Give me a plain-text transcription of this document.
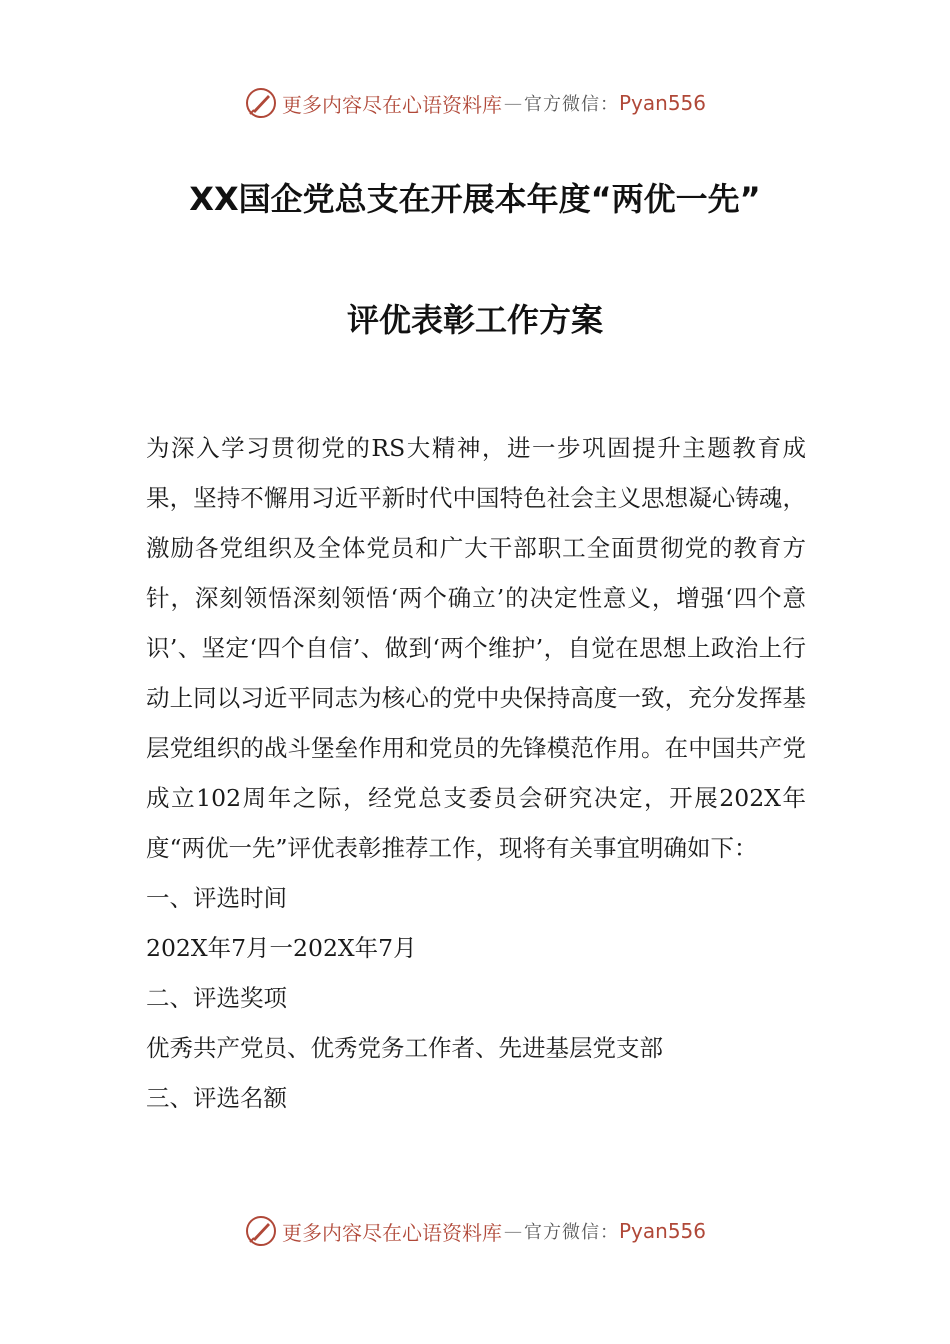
更多内容尽在心语资料库 — 官方微信： Pyan556
XX国企党总支在开展本年度“两优一先”
评优表彰工作方案
为深入学习贯彻党的RS大精神，进一步巩固提升主题教育成果，坚持不懈用习近平新时代中国特色社会主义思想凝心铸魂，激励各党组织及全体党员和广大干部职工全面贯彻党的教育方针，深刻领悟深刻领悟‘两个确立’的决定性意义，增强‘四个意识’、坚定‘四个自信’、做到‘两个维护’，自觉在思想上政治上行动上同以习近平同志为核心的党中央保持高度一致，充分发挥基层党组织的战斗堡垒作用和党员的先锋模范作用。在中国共产党成立102周年之际，经党总支委员会研究决定，开展202X年度“两优一先”评优表彰推荐工作，现将有关事宜明确如下：
一、评选时间
202X年7月一202X年7月
二、评选奖项
优秀共产党员、优秀党务工作者、先进基层党支部
三、评选名额
更多内容尽在心语资料库 — 官方微信： Pyan556
